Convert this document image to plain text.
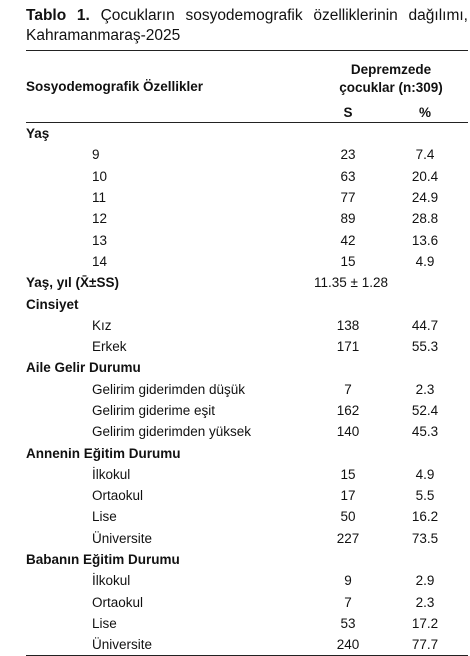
Tablo 1. Çocukların sosyodemografik özelliklerinin dağılımı, Kahramanmaraş-2025
Sosyodemografik Özellikler	Depremzede
çocuklar (n:309)	

	S	%
Yaş		
9	23	7.4
10	63	20.4
11	77	24.9
12	89	28.8
13	42	13.6
14	15	4.9
Yaş, yıl (X̄±SS)	11.35 ± 1.28	
Cinsiyet		
Kız	138	44.7
Erkek	171	55.3
Aile Gelir Durumu		
Gelirim giderimden düşük	7	2.3
Gelirim giderime eşit	162	52.4
Gelirim giderimden yüksek	140	45.3
Annenin Eğitim Durumu		
İlkokul	15	4.9
Ortaokul	17	5.5
Lise	50	16.2
Üniversite	227	73.5
Babanın Eğitim Durumu		
İlkokul	9	2.9
Ortaokul	7	2.3
Lise	53	17.2
Üniversite	240	77.7
